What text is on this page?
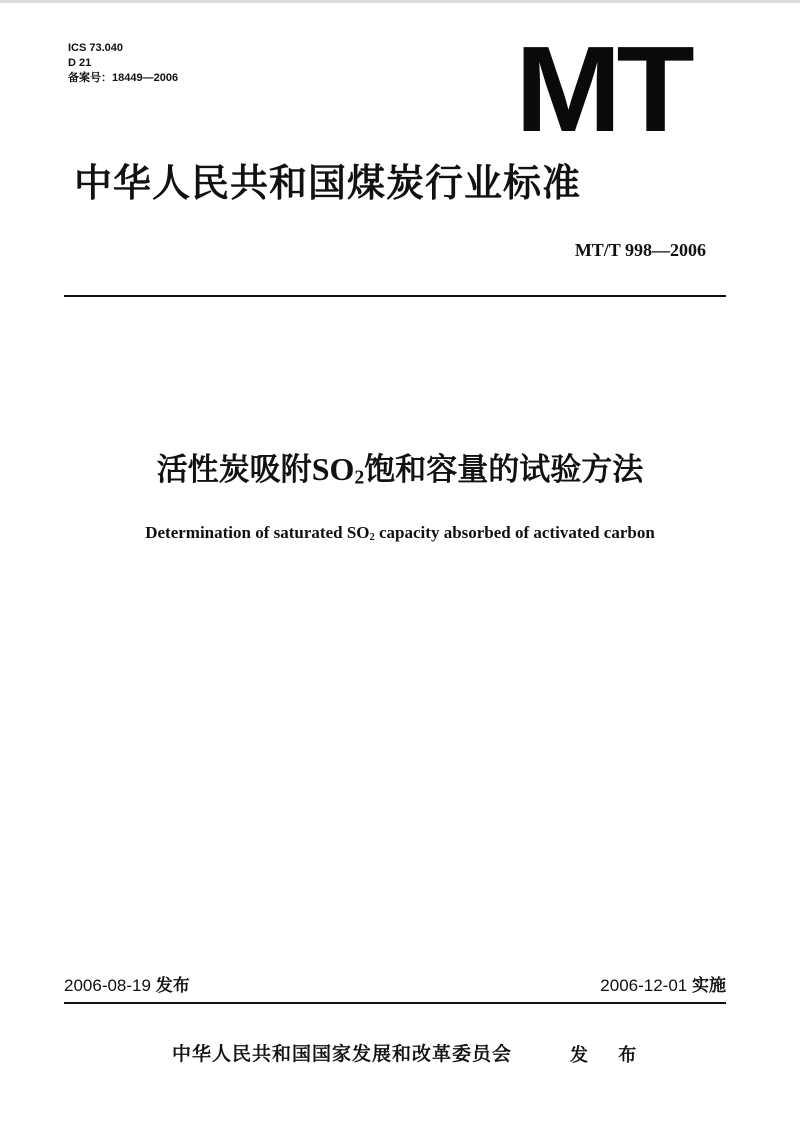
ICS 73.040
D 21
备案号：18449—2006	MT
中华人民共和国煤炭行业标准
MT/T 998—2006
活性炭吸附$SO_2$饱和容量的试验方法
Determination of saturated $SO_2$ capacity absorbed of activated carbon
2006-08-19 发布	2006-12-01 实施
中华人民共和国国家发展和改革委员会	发 布
